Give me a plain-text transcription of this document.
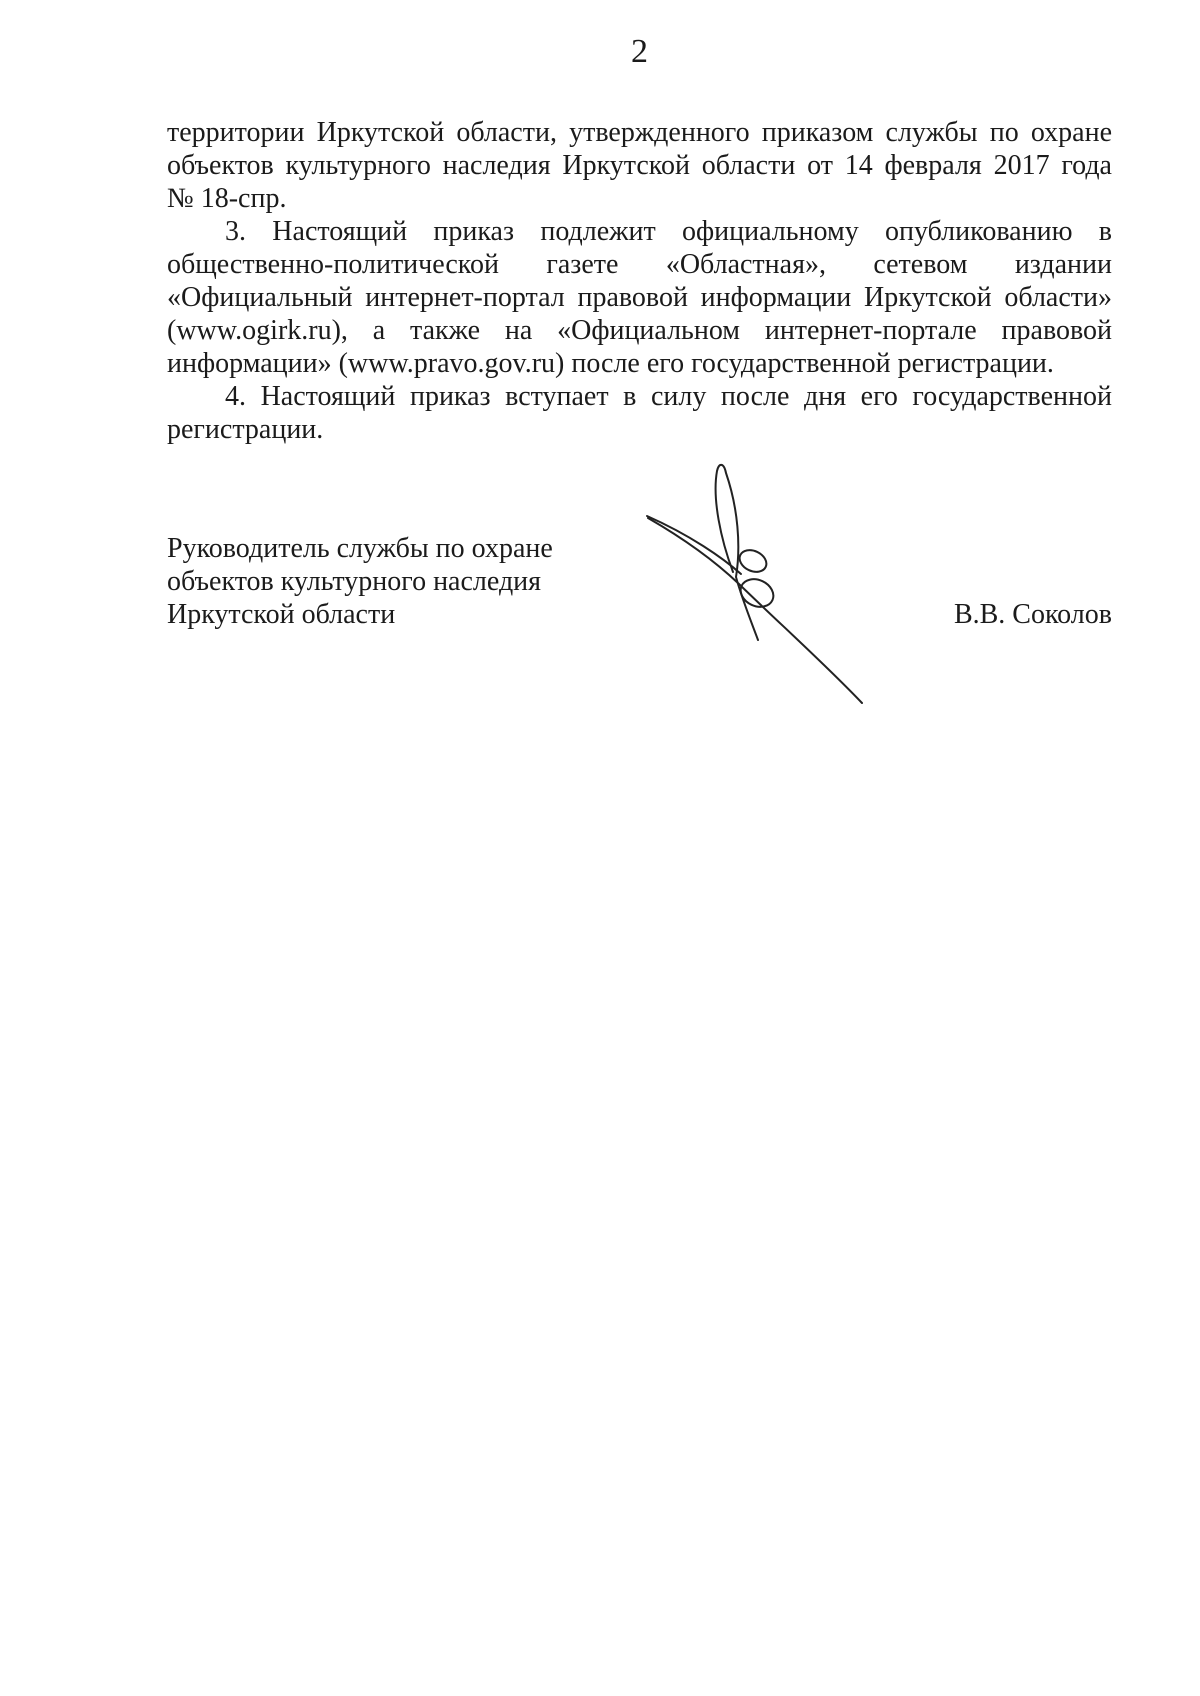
2
территории Иркутской области, утвержденного приказом службы по охране
объектов культурного наследия Иркутской области от 14 февраля 2017 года
№ 18-спр.
3. Настоящий приказ подлежит официальному опубликованию в
общественно-политической газете «Областная», сетевом издании
«Официальный интернет-портал правовой информации Иркутской области»
(www.ogirk.ru), а также на «Официальном интернет-портале правовой
информации» (www.pravo.gov.ru) после его государственной регистрации.
4. Настоящий приказ вступает в силу после дня его государственной
регистрации.
Руководитель службы по охране
объектов культурного наследия
Иркутской области	В.В. Соколов
